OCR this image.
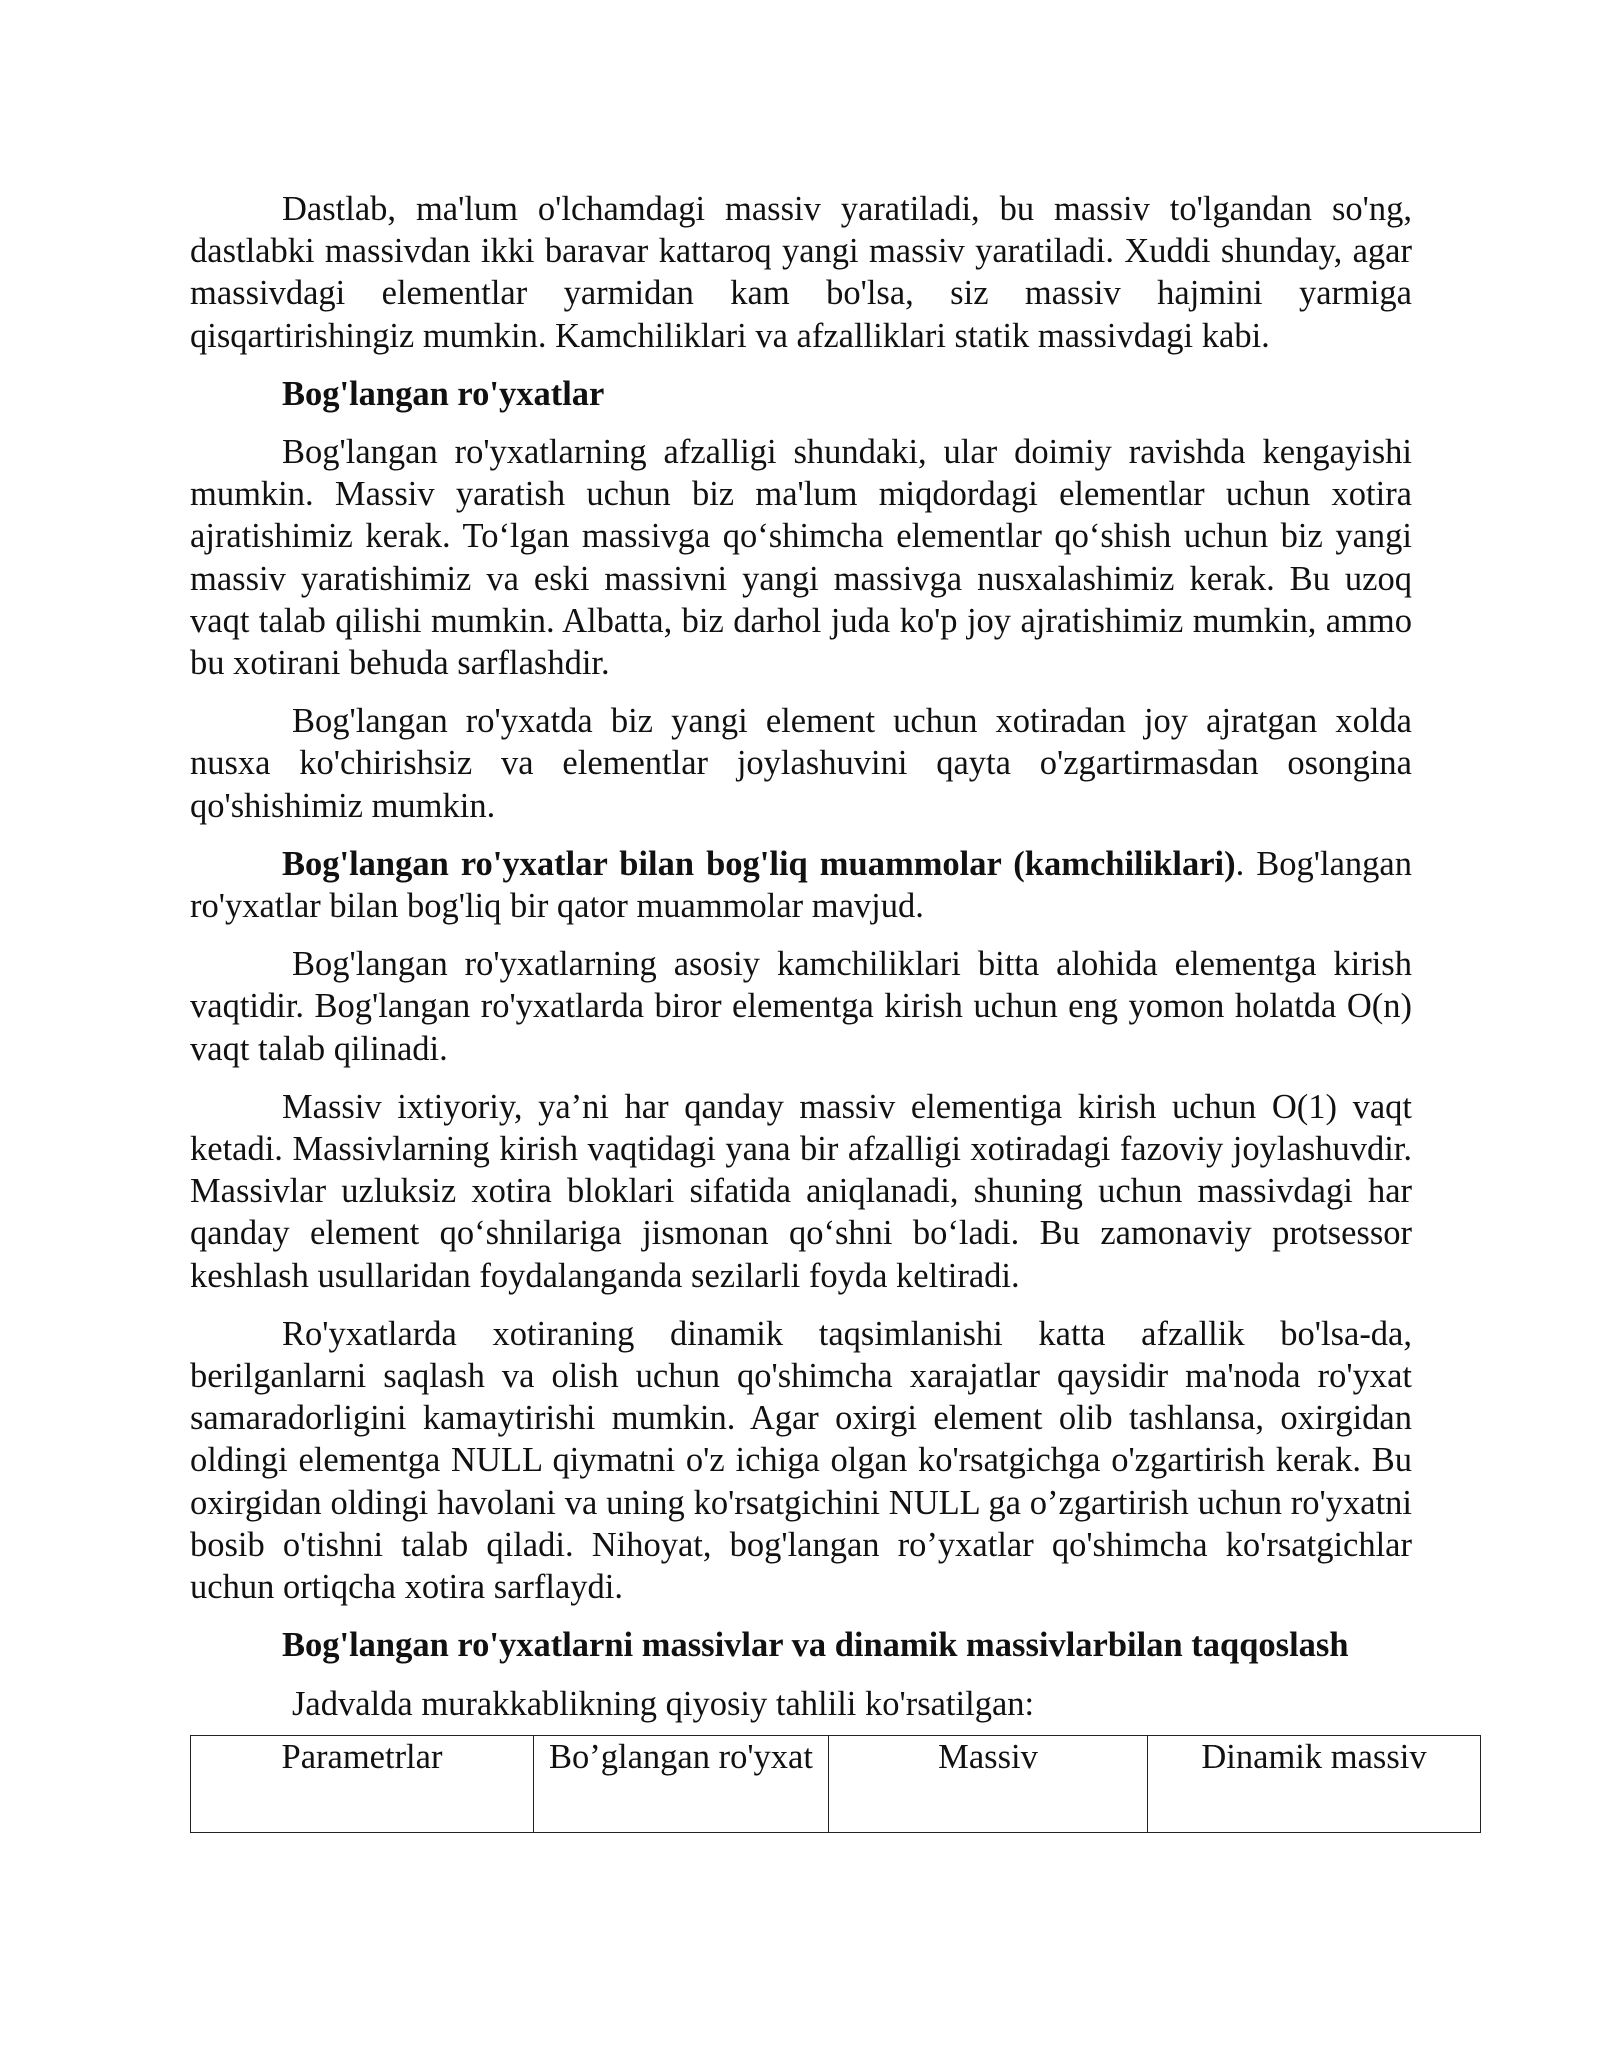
Dastlab, ma'lum o'lchamdagi massiv yaratiladi, bu massiv to'lgandan so'ng, dastlabki massivdan ikki baravar kattaroq yangi massiv yaratiladi. Xuddi shunday, agar massivdagi elementlar yarmidan kam bo'lsa, siz massiv hajmini yarmiga qisqartirishingiz mumkin. Kamchiliklari va afzalliklari statik massivdagi kabi.

Bog'langan ro'yxatlar

Bog'langan ro'yxatlarning afzalligi shundaki, ular doimiy ravishda kengayishi mumkin. Massiv yaratish uchun biz ma'lum miqdordagi elementlar uchun xotira ajratishimiz kerak. To‘lgan massivga qo‘shimcha elementlar qo‘shish uchun biz yangi massiv yaratishimiz va eski massivni yangi massivga nusxalashimiz kerak. Bu uzoq vaqt talab qilishi mumkin. Albatta, biz darhol juda ko'p joy ajratishimiz mumkin, ammo bu xotirani behuda sarflashdir.

Bog'langan ro'yxatda biz yangi element uchun xotiradan joy ajratgan xolda nusxa ko'chirishsiz va elementlar joylashuvini qayta o'zgartirmasdan osongina qo'shishimiz mumkin.

Bog'langan ro'yxatlar bilan bog'liq muammolar (kamchiliklari). Bog'langan ro'yxatlar bilan bog'liq bir qator muammolar mavjud.

Bog'langan ro'yxatlarning asosiy kamchiliklari bitta alohida elementga kirish vaqtidir. Bog'langan ro'yxatlarda biror elementga kirish uchun eng yomon holatda O(n) vaqt talab qilinadi.

Massiv ixtiyoriy, ya’ni har qanday massiv elementiga kirish uchun O(1) vaqt ketadi. Massivlarning kirish vaqtidagi yana bir afzalligi xotiradagi fazoviy joylashuvdir. Massivlar uzluksiz xotira bloklari sifatida aniqlanadi, shuning uchun massivdagi har qanday element qo‘shnilariga jismonan qo‘shni bo‘ladi. Bu zamonaviy protsessor keshlash usullaridan foydalanganda sezilarli foyda keltiradi.

Ro'yxatlarda xotiraning dinamik taqsimlanishi katta afzallik bo'lsa-da, berilganlarni saqlash va olish uchun qo'shimcha xarajatlar qaysidir ma'noda ro'yxat samaradorligini kamaytirishi mumkin. Agar oxirgi element olib tashlansa, oxirgidan oldingi elementga NULL qiymatni o'z ichiga olgan ko'rsatgichga o'zgartirish kerak. Bu oxirgidan oldingi havolani va uning ko'rsatgichini NULL ga o’zgartirish uchun ro'yxatni bosib o'tishni talab qiladi. Nihoyat, bog'langan ro’yxatlar qo'shimcha ko'rsatgichlar uchun ortiqcha xotira sarflaydi.

Bog'langan ro'yxatlarni massivlar va dinamik massivlarbilan taqqoslash

Jadvalda murakkablikning qiyosiy tahlili ko'rsatilgan:

Parametrlar	Bo’glangan ro'yxat	Massiv	Dinamik massiv
